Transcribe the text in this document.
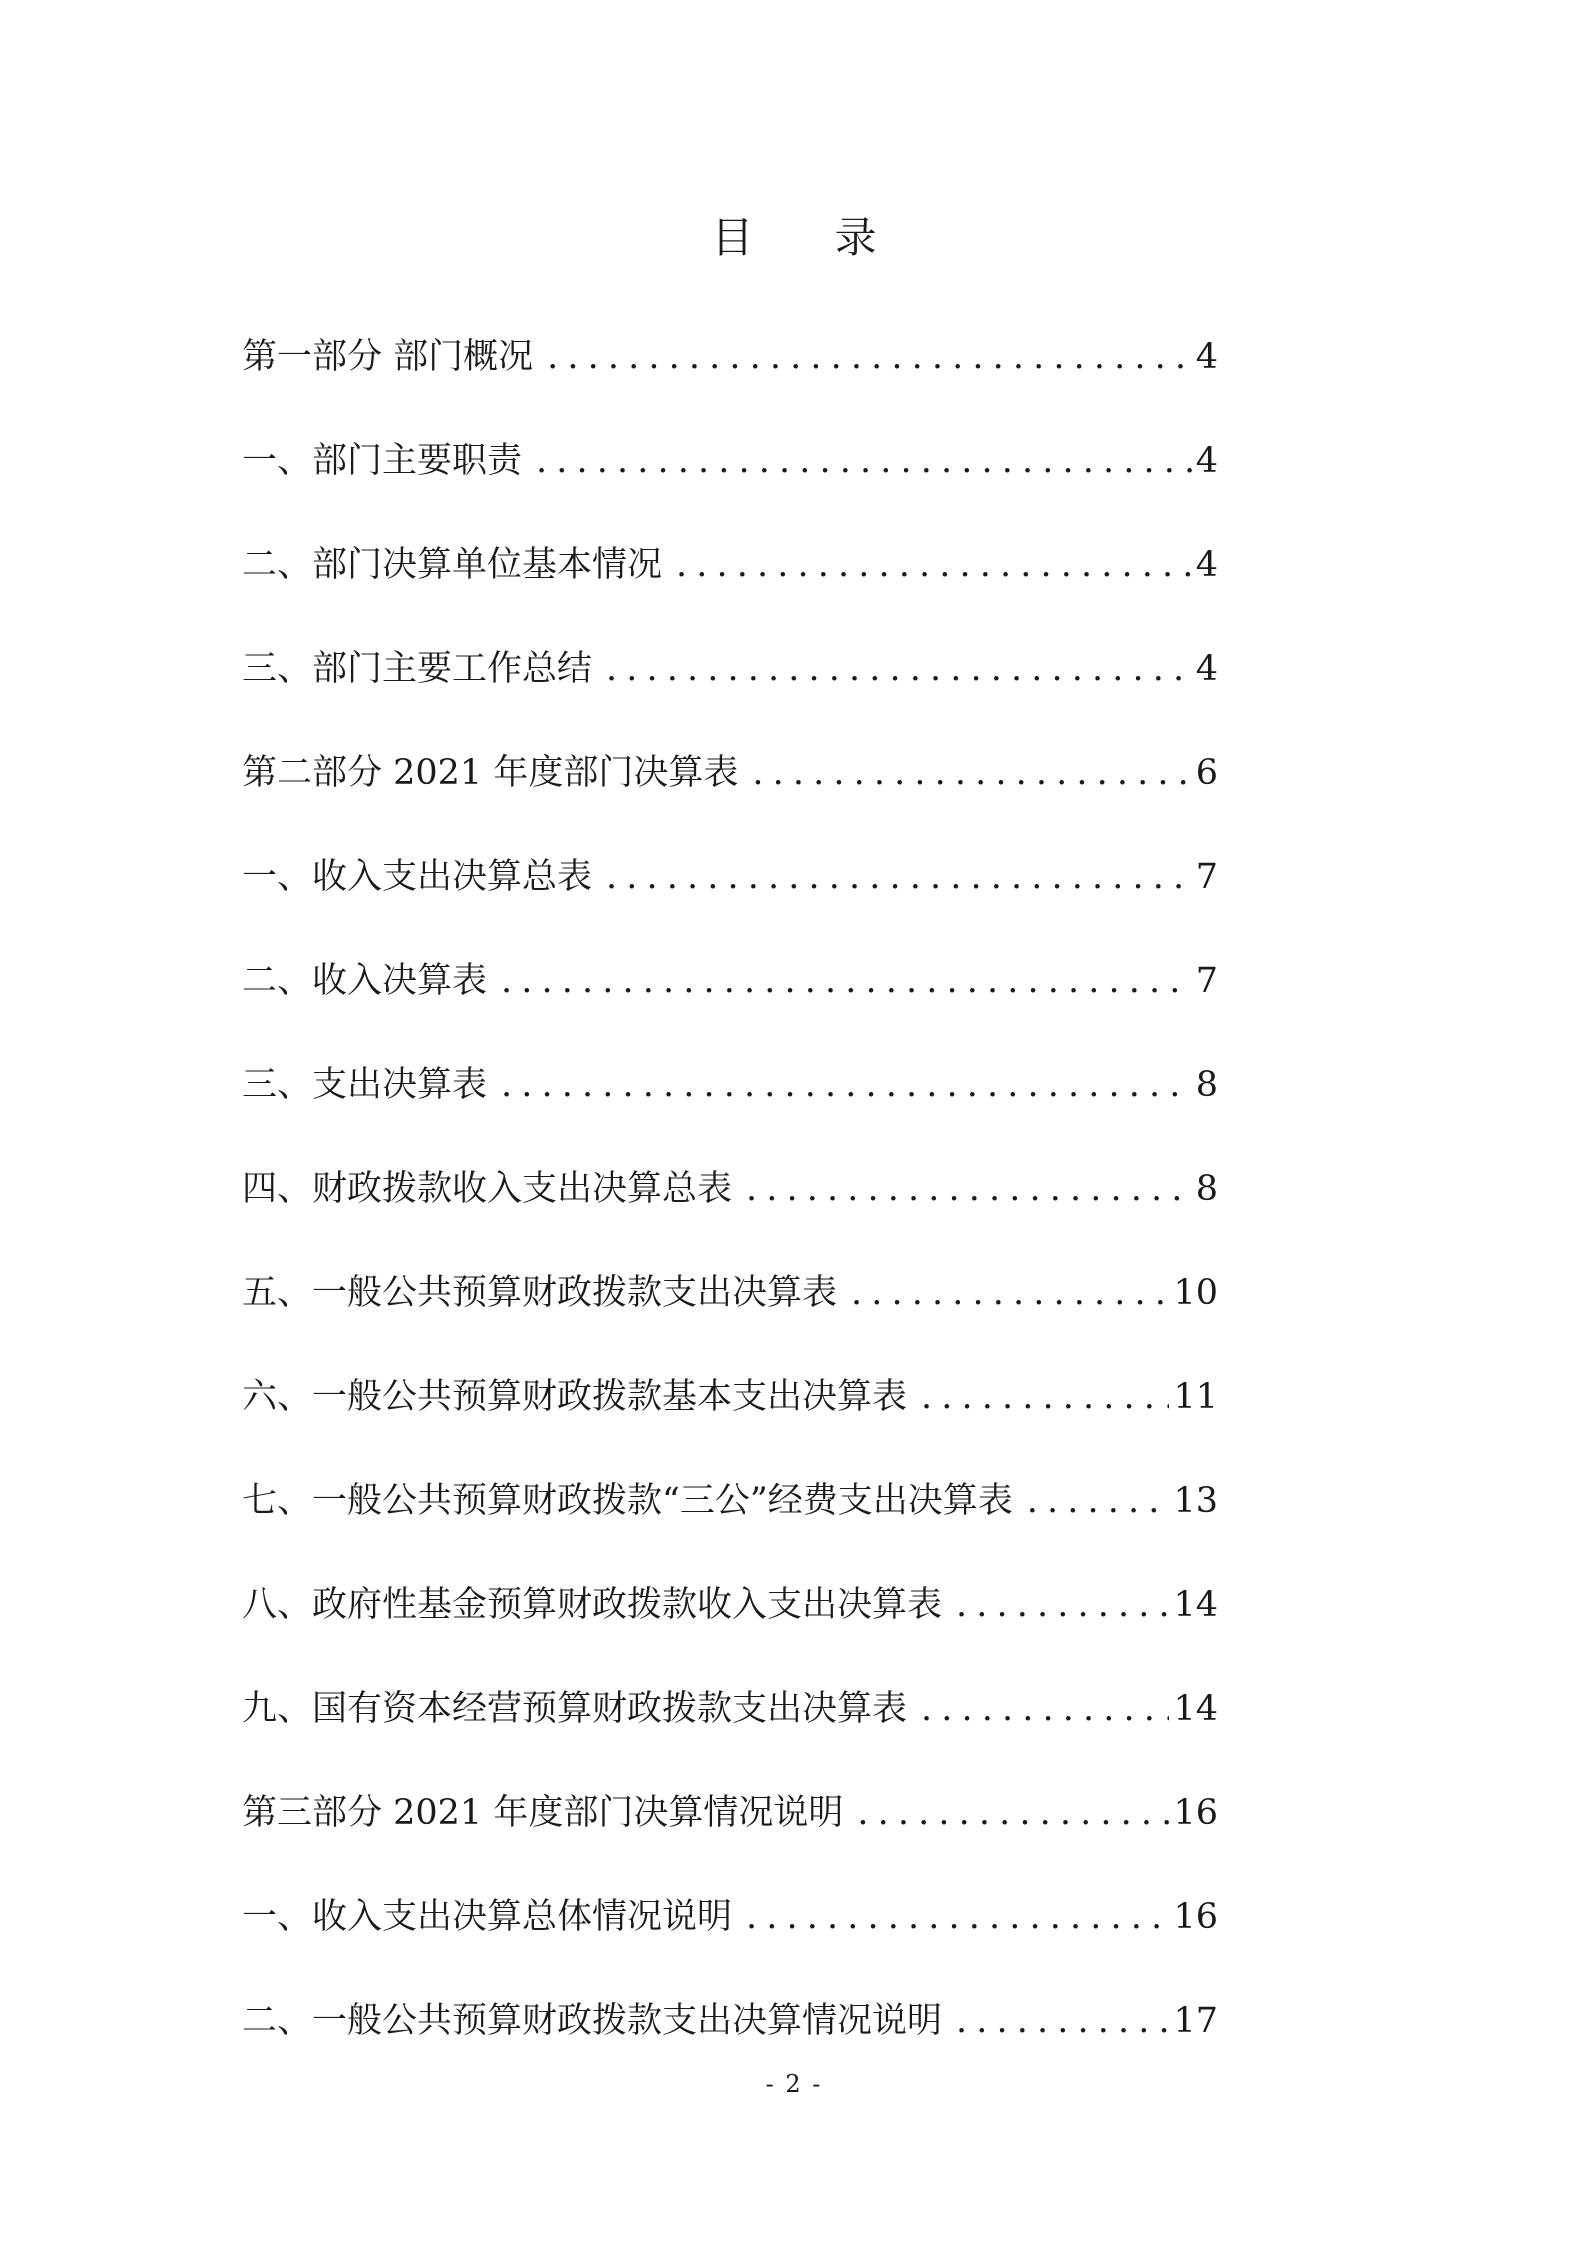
目 录
第一部分 部门概况 . . .	4
一、部门主要职责 . . .	4
二、部门决算单位基本情况 . . .	4
三、部门主要工作总结 . . .	4
第二部分 2021 年度部门决算表 . . .	6
一、收入支出决算总表 . . .	7
二、收入决算表 . . .	7
三、支出决算表 . . .	8
四、财政拨款收入支出决算总表 . . .	8
五、一般公共预算财政拨款支出决算表 . . .	10
六、一般公共预算财政拨款基本支出决算表 . . .	11
七、一般公共预算财政拨款“三公”经费支出决算表 . . .	13
八、政府性基金预算财政拨款收入支出决算表 . . .	14
九、国有资本经营预算财政拨款支出决算表 . . .	14
第三部分 2021 年度部门决算情况说明 . . .	16
一、收入支出决算总体情况说明 . . .	16
二、一般公共预算财政拨款支出决算情况说明 . . .	17
- 2 -
